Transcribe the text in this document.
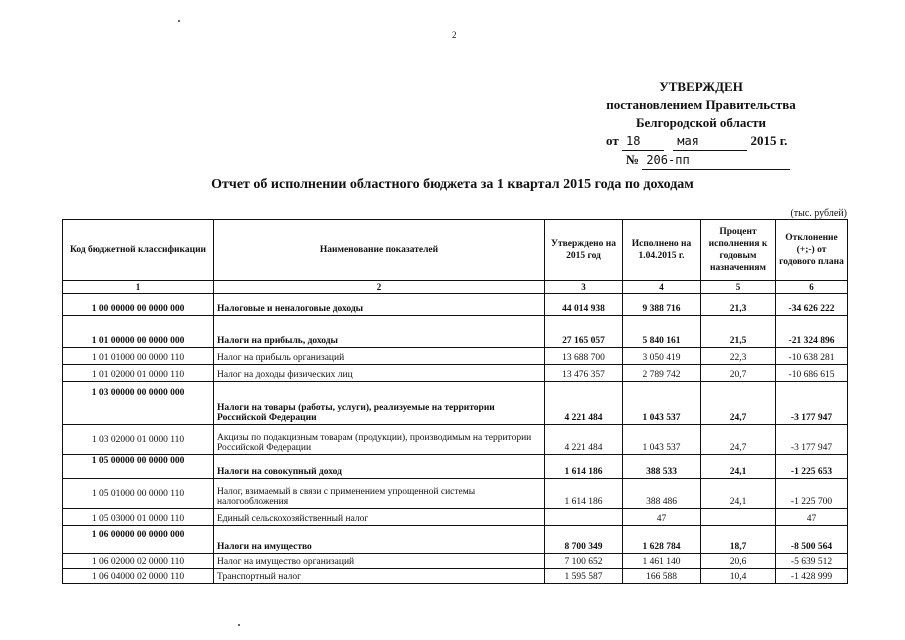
2
УТВЕРЖДЕН
постановлением Правительства
Белгородской области
от 18	мая	2015 г.
№ 206-пп
Отчет об исполнении областного бюджета за 1 квартал 2015 года по доходам
(тыс. рублей)
Код бюджетной классификации	Наименование показателей	Утверждено на 2015 год	Исполнено на 1.04.2015 г.	Процент исполнения к годовым назначениям	Отклонение (+;-) от годового плана
1	2	3	4	5	6
1 00 00000 00 0000 000	Налоговые и неналоговые доходы	44 014 938	9 388 716	21,3	-34 626 222
1 01 00000 00 0000 000	Налоги на прибыль, доходы	27 165 057	5 840 161	21,5	-21 324 896
1 01 01000 00 0000 110	Налог на прибыль организаций	13 688 700	3 050 419	22,3	-10 638 281
1 01 02000 01 0000 110	Налог на доходы физических лиц	13 476 357	2 789 742	20,7	-10 686 615
1 03 00000 00 0000 000	Налоги на товары (работы, услуги), реализуемые на территории Российской Федерации	4 221 484	1 043 537	24,7	-3 177 947
1 03 02000 01 0000 110	Акцизы по подакцизным товарам (продукции), производимым на территории Российской Федерации	4 221 484	1 043 537	24,7	-3 177 947
1 05 00000 00 0000 000	Налоги на совокупный доход	1 614 186	388 533	24,1	-1 225 653
1 05 01000 00 0000 110	Налог, взимаемый в связи с применением упрощенной системы налогообложения	1 614 186	388 486	24,1	-1 225 700
1 05 03000 01 0000 110	Единый сельскохозяйственный налог		47		47
1 06 00000 00 0000 000	Налоги на имущество	8 700 349	1 628 784	18,7	-8 500 564
1 06 02000 02 0000 110	Налог на имущество организаций	7 100 652	1 461 140	20,6	-5 639 512
1 06 04000 02 0000 110	Транспортный налог	1 595 587	166 588	10,4	-1 428 999
